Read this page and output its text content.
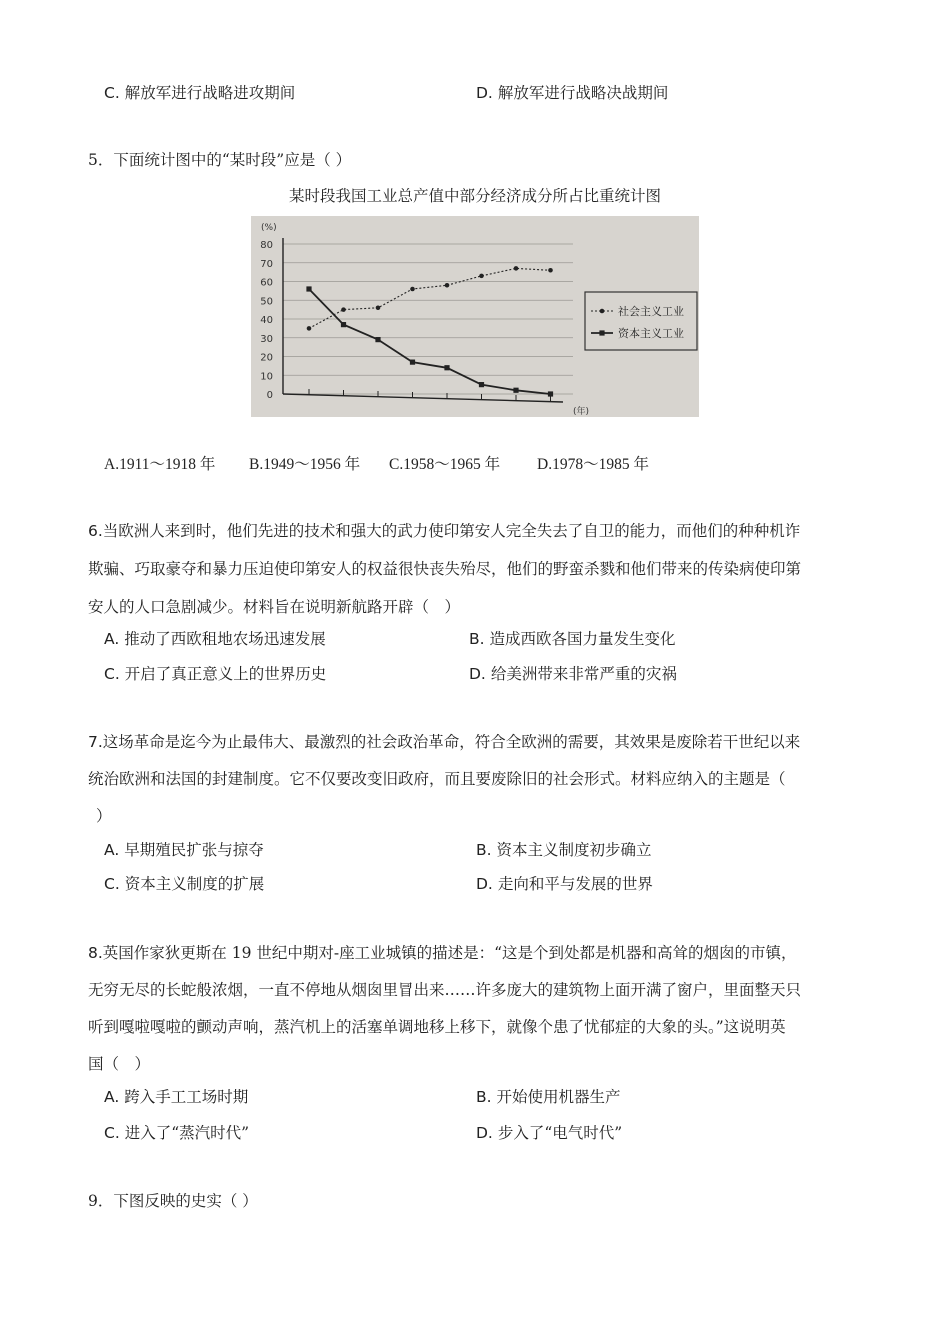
C. 解放军进行战略进攻期间	D. 解放军进行战略决战期间
5．下面统计图中的“某时段”应是（ ）
某时段我国工业总产值中部分经济成分所占比重统计图
0
10
20
30
40
50
60
70
80
(%)
(年)
社会主义工业
资本主义工业
A.1911～1918 年 B.1949～1956 年 C.1958～1965 年 D.1978～1985 年
6.当欧洲人来到时，他们先进的技术和强大的武力使印第安人完全失去了自卫的能力，而他们的种种机诈
欺骗、巧取豪夺和暴力压迫使印第安人的权益很快丧失殆尽，他们的野蛮杀戮和他们带来的传染病使印第
安人的人口急剧减少。材料旨在说明新航路开辟（　）
A. 推动了西欧租地农场迅速发展	B. 造成西欧各国力量发生变化
C. 开启了真正意义上的世界历史	D. 给美洲带来非常严重的灾祸
7.这场革命是迄今为止最伟大、最激烈的社会政治革命，符合全欧洲的需要，其效果是废除若干世纪以来
统治欧洲和法国的封建制度。它不仅要改变旧政府，而且要废除旧的社会形式。材料应纳入的主题是（
）
A. 早期殖民扩张与掠夺	B. 资本主义制度初步确立
C. 资本主义制度的扩展	D. 走向和平与发展的世界
8.英国作家狄更斯在 19 世纪中期对-座工业城镇的描述是：“这是个到处都是机器和高耸的烟囱的市镇，
无穷无尽的长蛇般浓烟，一直不停地从烟囱里冒出来……许多庞大的建筑物上面开满了窗户，里面整天只
听到嘎啦嘎啦的颤动声响，蒸汽机上的活塞单调地移上移下，就像个患了忧郁症的大象的头。”这说明英
国（　）
A. 跨入手工工场时期	B. 开始使用机器生产
C. 进入了“蒸汽时代”	D. 步入了“电气时代”
9．下图反映的史实（ ）
